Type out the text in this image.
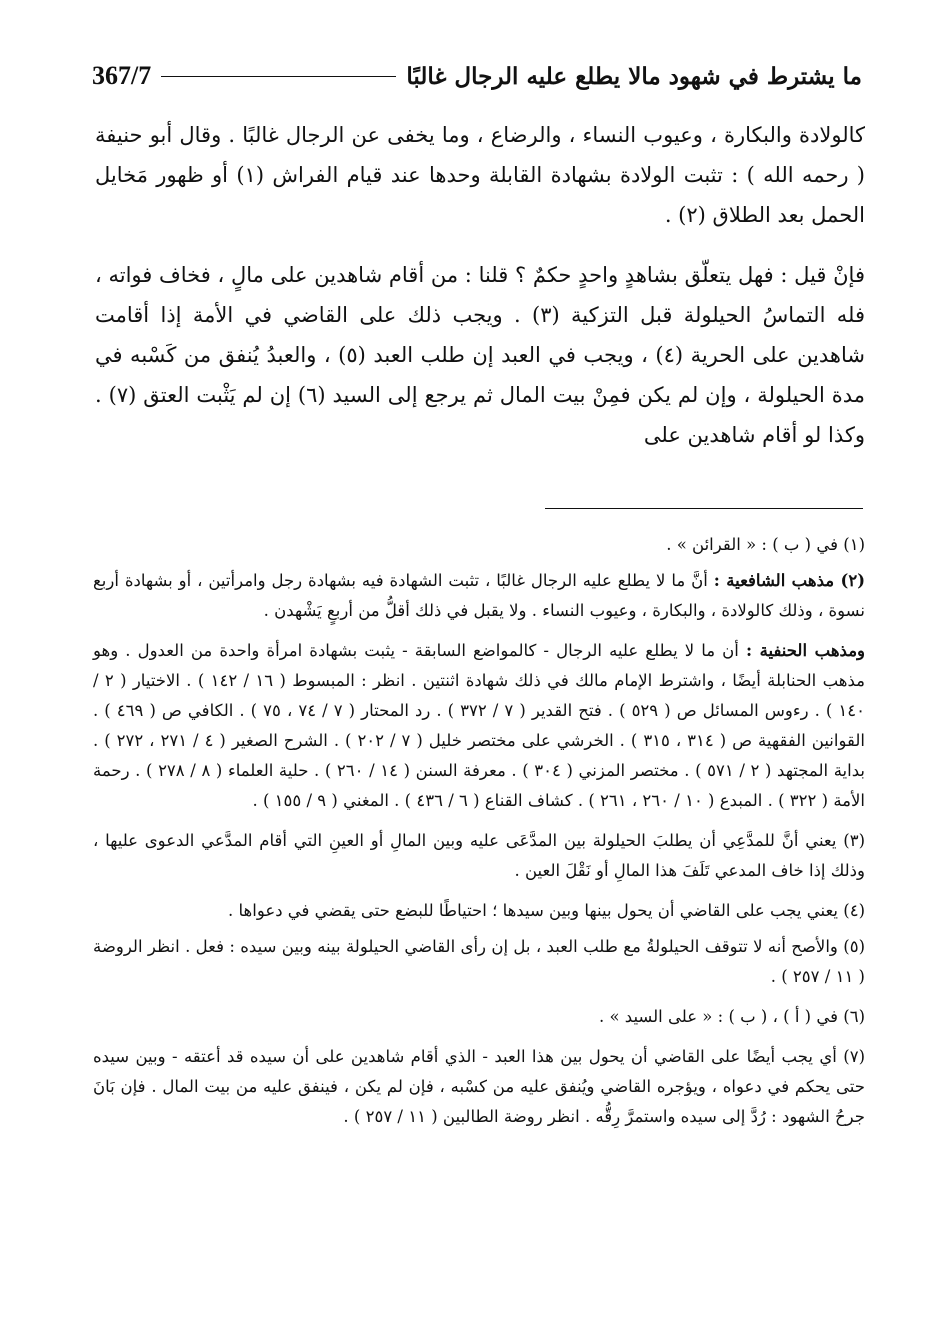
367/7	ما يشترط في شهود مالا يطلع عليه الرجال غالبًا

كالولادة والبكارة ، وعيوب النساء ، والرضاع ، وما يخفى عن الرجال غالبًا . وقال أبو حنيفة ( رحمه الله ) : تثبت الولادة بشهادة القابلة وحدها عند قيام الفراش (١) أو ظهور مَخايل الحمل بعد الطلاق (٢) .

فإنْ قيل : فهل يتعلّق بشاهدٍ واحدٍ حكمٌ ؟ قلنا : من أقام شاهدين على مالٍ ، فخاف فواته ، فله التماسُ الحيلولة قبل التزكية (٣) . ويجب ذلك على القاضي في الأمة إذا أقامت شاهدين على الحرية (٤) ، ويجب في العبد إن طلب العبد (٥) ، والعبدُ يُنفق من كَسْبه في مدة الحيلولة ، وإن لم يكن فمِنْ بيت المال ثم يرجع إلى السيد (٦) إن لم يَثْبت العتق (٧) . وكذا لو أقام شاهدين على

(١) في ( ب ) : « القرائن » .

(٢) مذهب الشافعية : أنَّ ما لا يطلع عليه الرجال غالبًا ، تثبت الشهادة فيه بشهادة رجل وامرأتين ، أو بشهادة أربع نسوة ، وذلك كالولادة ، والبكارة ، وعيوب النساء . ولا يقبل في ذلك أقلُّ من أربعٍ يَشْهدن .

ومذهب الحنفية : أن ما لا يطلع عليه الرجال - كالمواضع السابقة - يثبت بشهادة امرأة واحدة من العدول . وهو مذهب الحنابلة أيضًا ، واشترط الإمام مالك في ذلك شهادة اثنتين . انظر : المبسوط ( ١٦ / ١٤٢ ) . الاختيار ( ٢ / ١٤٠ ) . رءوس المسائل ص ( ٥٢٩ ) . فتح القدير ( ٧ / ٣٧٢ ) . رد المحتار ( ٧ / ٧٤ ، ٧٥ ) . الكافي ص ( ٤٦٩ ) . القوانين الفقهية ص ( ٣١٤ ، ٣١٥ ) . الخرشي على مختصر خليل ( ٧ / ٢٠٢ ) . الشرح الصغير ( ٤ / ٢٧١ ، ٢٧٢ ) . بداية المجتهد ( ٢ / ٥٧١ ) . مختصر المزني ( ٣٠٤ ) . معرفة السنن ( ١٤ / ٢٦٠ ) . حلية العلماء ( ٨ / ٢٧٨ ) . رحمة الأمة ( ٣٢٢ ) . المبدع ( ١٠ / ٢٦٠ ، ٢٦١ ) . كشاف القناع ( ٦ / ٤٣٦ ) . المغني ( ٩ / ١٥٥ ) .

(٣) يعني أنَّ للمدَّعِي أن يطلبَ الحيلولة بين المدَّعَى عليه وبين المالِ أو العينِ التي أقام المدَّعي الدعوى عليها ، وذلك إذا خاف المدعي تَلَفَ هذا المالِ أو نَقْلَ العين .

(٤) يعني يجب على القاضي أن يحول بينها وبين سيدها ؛ احتياطًا للبضع حتى يقضي في دعواها .

(٥) والأصح أنه لا تتوقف الحيلولةُ مع طلب العبد ، بل إن رأى القاضي الحيلولة بينه وبين سيده : فعل . انظر الروضة ( ١١ / ٢٥٧ ) .

(٦) في ( أ ) ، ( ب ) : « على السيد » .

(٧) أي يجب أيضًا على القاضي أن يحول بين هذا العبد - الذي أقام شاهدين على أن سيده قد أعتقه - وبين سيده حتى يحكم في دعواه ، ويؤجره القاضي ويُنفق عليه من كسْبه ، فإن لم يكن ، فينفق عليه من بيت المال . فإن بَانَ جرحُ الشهود : رُدَّ إلى سيده واستمرَّ رِقُّه . انظر روضة الطالبين ( ١١ / ٢٥٧ ) .
